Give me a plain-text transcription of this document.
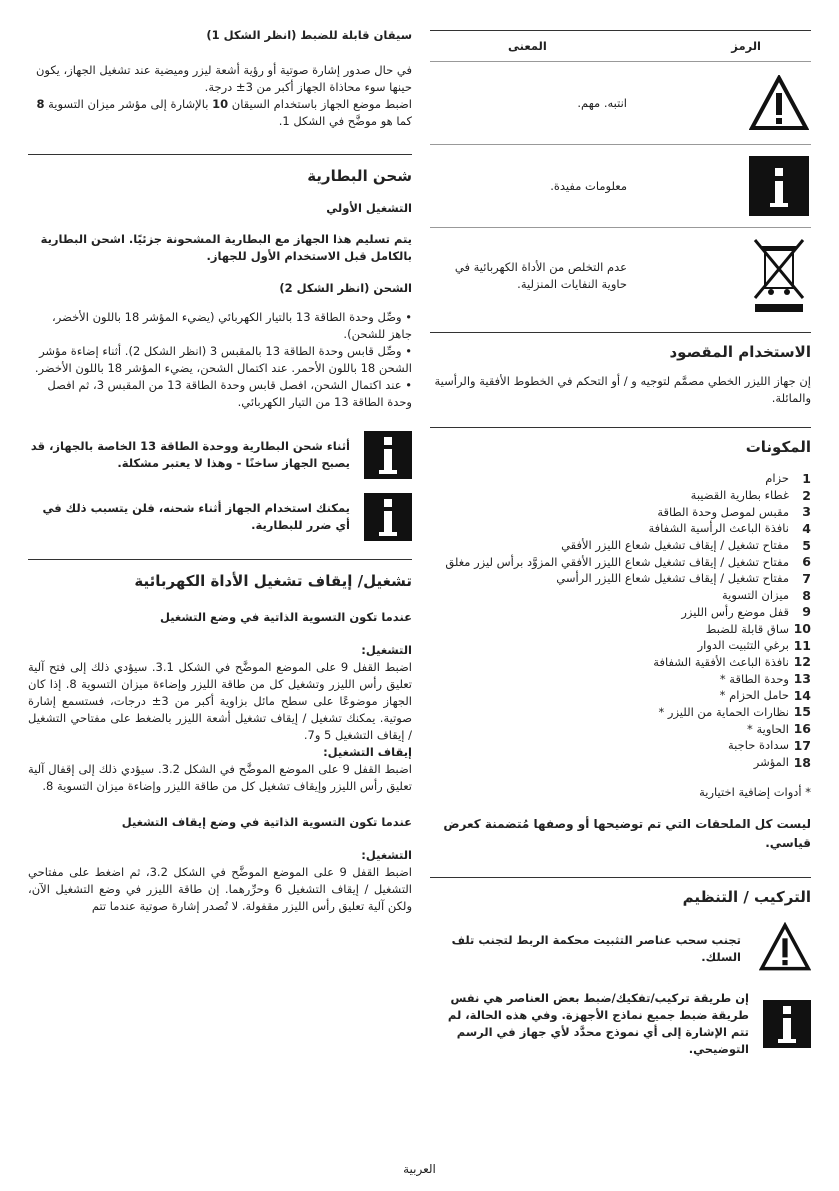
الرمز
المعنى
انتبه. مهم.
معلومات مفيدة.
عدم التخلص من الأداة الكهربائية في حاوية النفايات المنزلية.
الاستخدام المقصود

إن جهاز الليزر الخطي مصمَّم لتوجيه و / أو التحكم في الخطوط الأفقية والرأسية والمائلة.

المكونات
1
حزام
2
غطاء بطارية القضيبة
3
مقبس لموصل وحدة الطاقة
4
نافذة الباعث الرأسية الشفافة
5
مفتاح تشغيل / إيقاف تشغيل شعاع الليزر الأفقي
6
مفتاح تشغيل / إيقاف تشغيل شعاع الليزر الأفقي المزوَّد برأس ليزر مغلق
7
مفتاح تشغيل / إيقاف تشغيل شعاع الليزر الرأسي
8
ميزان التسوية
9
قفل موضع رأس الليزر
10
ساق قابلة للضبط
11
برغي التثبيت الدوار
12
نافذة الباعث الأفقية الشفافة
13
وحدة الطاقة *
14
حامل الحزام *
15
نظارات الحماية من الليزر *
16
الحاوية *
17
سدادة حاجبة
18
المؤشر

* أدوات إضافية اختيارية

ليست كل الملحقات التي تم توضيحها أو وصفها مُتضمنة كعرض قياسي.

التركيب / التنظيم

تجنب سحب عناصر التثبيت محكمة الربط لتجنب تلف السلك.

إن طريقة تركيب/تفكيك/ضبط بعض العناصر هي نفس طريقة ضبط جميع نماذج الأجهزة. وفي هذه الحالة، لم تتم الإشارة إلى أي نموذج محدَّد لأي جهاز في الرسم التوضيحي.

سيقان قابلة للضبط (انظر الشكل 1)

في حال صدور إشارة صوتية أو رؤية أشعة ليزر وميضية عند تشغيل الجهاز، يكون حينها سوء محاذاة الجهاز أكبر من 3± درجة.

اضبط موضع الجهاز باستخدام السيقان 10 بالإشارة إلى مؤشر ميزان التسوية 8 كما هو موضَّح في الشكل 1.

شحن البطارية
التشغيل الأولي

يتم تسليم هذا الجهاز مع البطارية المشحونة جزئيًا. اشحن البطارية بالكامل قبل الاستخدام الأول للجهاز.

الشحن (انظر الشكل 2)

• وصِّل وحدة الطاقة 13 بالتيار الكهربائي (يضيء المؤشر 18 باللون الأخضر، جاهز للشحن).

• وصِّل قابس وحدة الطاقة 13 بالمقبس 3 (انظر الشكل 2). أثناء إضاءة مؤشر الشحن 18 باللون الأحمر. عند اكتمال الشحن، يضيء المؤشر 18 باللون الأخضر.

• عند اكتمال الشحن، افصل قابس وحدة الطاقة 13 من المقبس 3، ثم افصل وحدة الطاقة 13 من التيار الكهربائي.

أثناء شحن البطارية ووحدة الطاقة 13 الخاصة بالجهاز، قد يصبح الجهاز ساخنًا - وهذا لا يعتبر مشكلة.

يمكنك استخدام الجهاز أثناء شحنه، فلن يتسبب ذلك في أي ضرر للبطارية.

تشغيل/ إيقاف تشغيل الأداة الكهربائية
عندما تكون التسوية الذاتية في وضع التشغيل

التشغيل:

اضبط القفل 9 على الموضع الموضَّح في الشكل 3.1. سيؤدي ذلك إلى فتح آلية تعليق رأس الليزر وتشغيل كل من طاقة الليزر وإضاءة ميزان التسوية 8. إذا كان الجهاز موضوعًا على سطح مائل بزاوية أكبر من 3± درجات، فستسمع إشارة صوتية. يمكنك تشغيل / إيقاف تشغيل أشعة الليزر بالضغط على مفتاحي التشغيل / إيقاف التشغيل 5 و7.

إيقاف التشغيل:

اضبط القفل 9 على الموضع الموضَّح في الشكل 3.2. سيؤدي ذلك إلى إقفال آلية تعليق رأس الليزر وإيقاف تشغيل كل من طاقة الليزر وإضاءة ميزان التسوية 8.

عندما تكون التسوية الذاتية في وضع إيقاف التشغيل

التشغيل:

اضبط القفل 9 على الموضع الموضَّح في الشكل 3.2، ثم اضغط على مفتاحي التشغيل / إيقاف التشغيل 6 وحرِّرهما. إن طاقة الليزر في وضع التشغيل الآن، ولكن آلية تعليق رأس الليزر مقفولة. لا تُصدر إشارة صوتية عندما تتم

العربية
